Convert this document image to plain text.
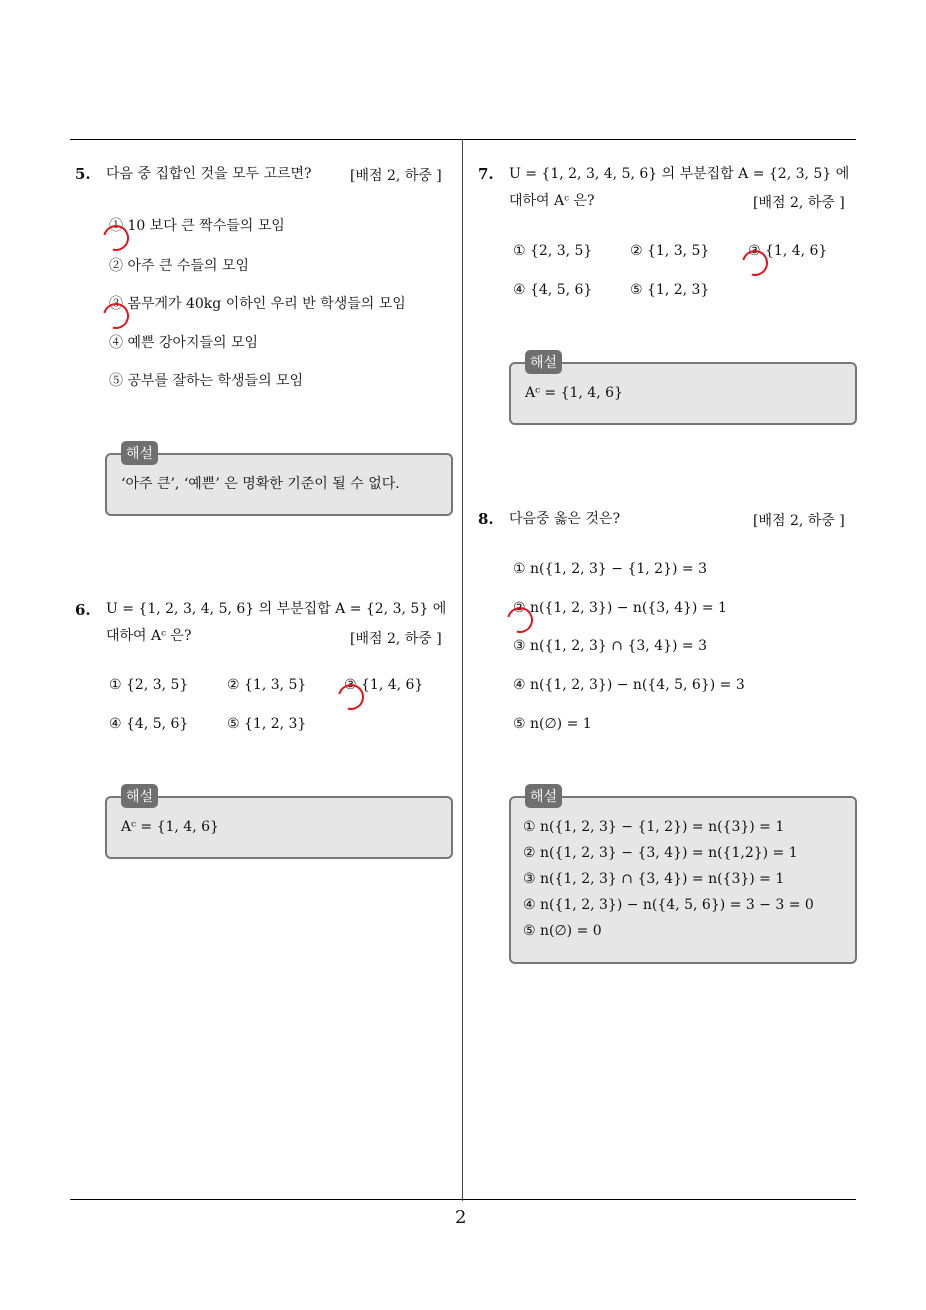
5. 다음 중 집합인 것을 모두 고르면?	[배점 2, 하중 ]
① 10 보다 큰 짝수들의 모임
② 아주 큰 수들의 모임
③ 몸무게가 40kg 이하인 우리 반 학생들의 모임
④ 예쁜 강아지들의 모임
⑤ 공부를 잘하는 학생들의 모임
해설
‘아주 큰’, ‘예쁜’ 은 명확한 기준이 될 수 없다.
6. U = {1, 2, 3, 4, 5, 6} 의 부분집합 A = {2, 3, 5} 에
대하여 Aᶜ 은?	[배점 2, 하중 ]
① {2, 3, 5}	② {1, 3, 5}	③ {1, 4, 6}
④ {4, 5, 6}	⑤ {1, 2, 3}
해설
Aᶜ = {1, 4, 6}
7. U = {1, 2, 3, 4, 5, 6} 의 부분집합 A = {2, 3, 5} 에
대하여 Aᶜ 은?	[배점 2, 하중 ]
① {2, 3, 5}	② {1, 3, 5}	③ {1, 4, 6}
④ {4, 5, 6}	⑤ {1, 2, 3}
해설
Aᶜ = {1, 4, 6}
8. 다음중 옳은 것은?	[배점 2, 하중 ]
① n({1, 2, 3} − {1, 2}) = 3
② n({1, 2, 3}) − n({3, 4}) = 1
③ n({1, 2, 3} ∩ {3, 4}) = 3
④ n({1, 2, 3}) − n({4, 5, 6}) = 3
⑤ n(∅) = 1
해설
① n({1, 2, 3} − {1, 2}) = n({3}) = 1
② n({1, 2, 3} − {3, 4}) = n({1,2}) = 1
③ n({1, 2, 3} ∩ {3, 4}) = n({3}) = 1
④ n({1, 2, 3}) − n({4, 5, 6}) = 3 − 3 = 0
⑤ n(∅) = 0
2
